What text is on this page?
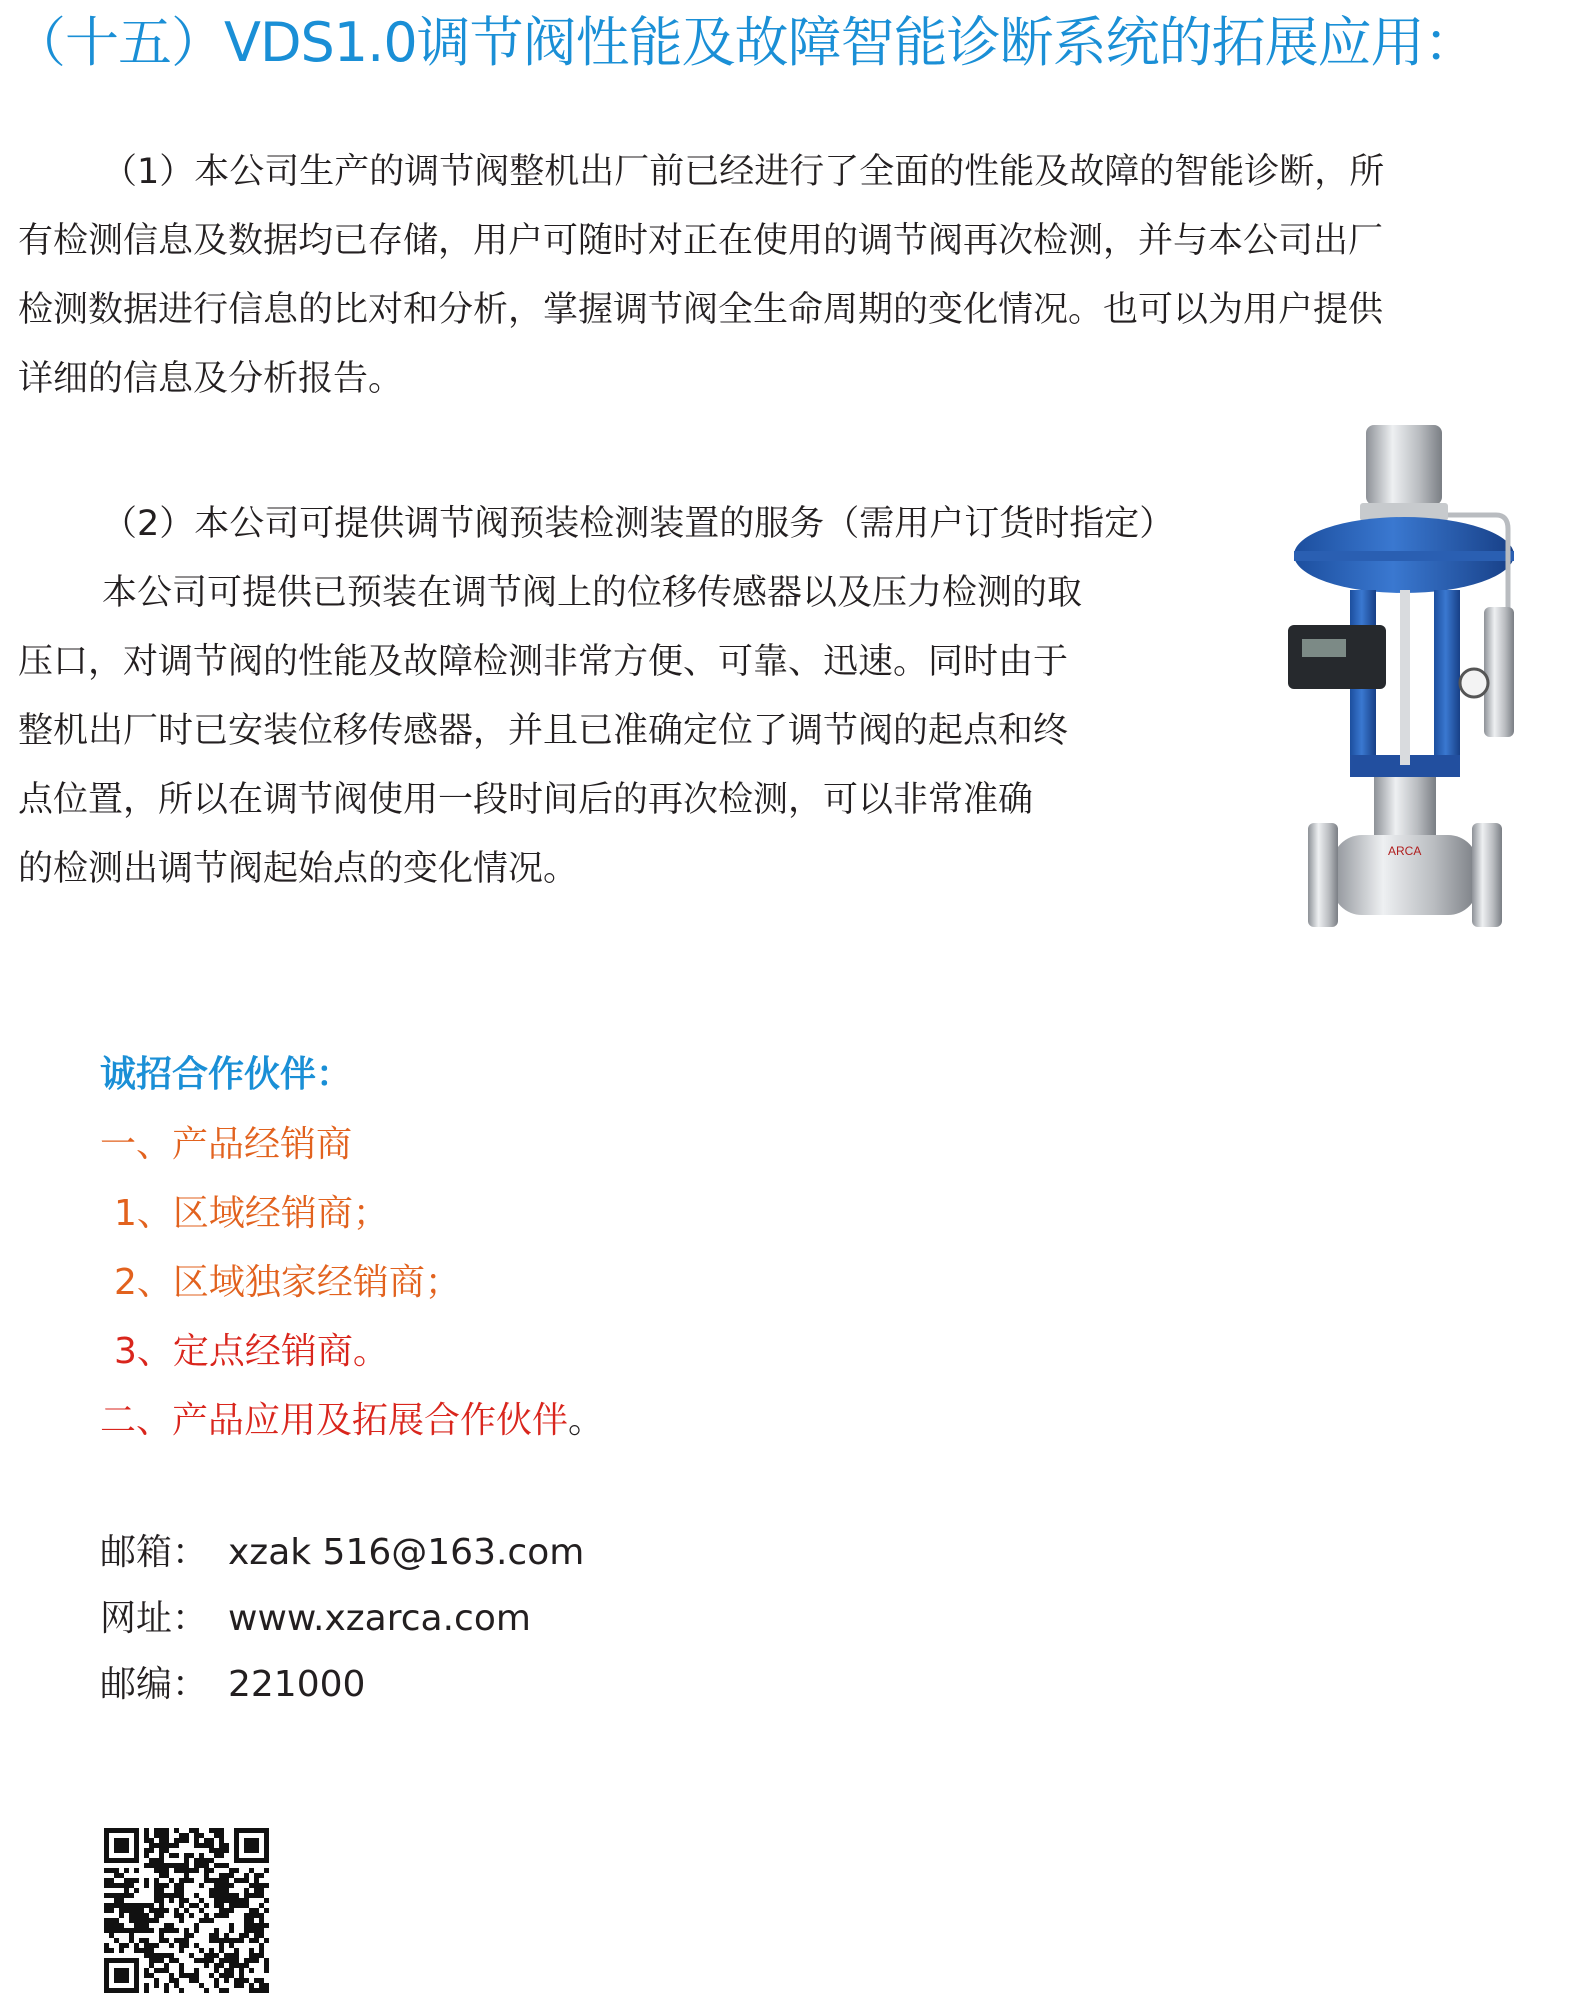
（十五）VDS1.0调节阀性能及故障智能诊断系统的拓展应用：
（1）本公司生产的调节阀整机出厂前已经进行了全面的性能及故障的智能诊断，所
有检测信息及数据均已存储，用户可随时对正在使用的调节阀再次检测，并与本公司出厂
检测数据进行信息的比对和分析，掌握调节阀全生命周期的变化情况。也可以为用户提供
详细的信息及分析报告。
（2）本公司可提供调节阀预装检测装置的服务（需用户订货时指定）
本公司可提供已预装在调节阀上的位移传感器以及压力检测的取
压口，对调节阀的性能及故障检测非常方便、可靠、迅速。同时由于
整机出厂时已安装位移传感器，并且已准确定位了调节阀的起点和终
点位置，所以在调节阀使用一段时间后的再次检测，可以非常准确
的检测出调节阀起始点的变化情况。	ARCA
诚招合作伙伴：
一、产品经销商
1、区域经销商；
2、区域独家经销商；
3、定点经销商。
二、产品应用及拓展合作伙伴。
邮箱： xzak 516@163.com
网址： www.xzarca.com
邮编： 221000
